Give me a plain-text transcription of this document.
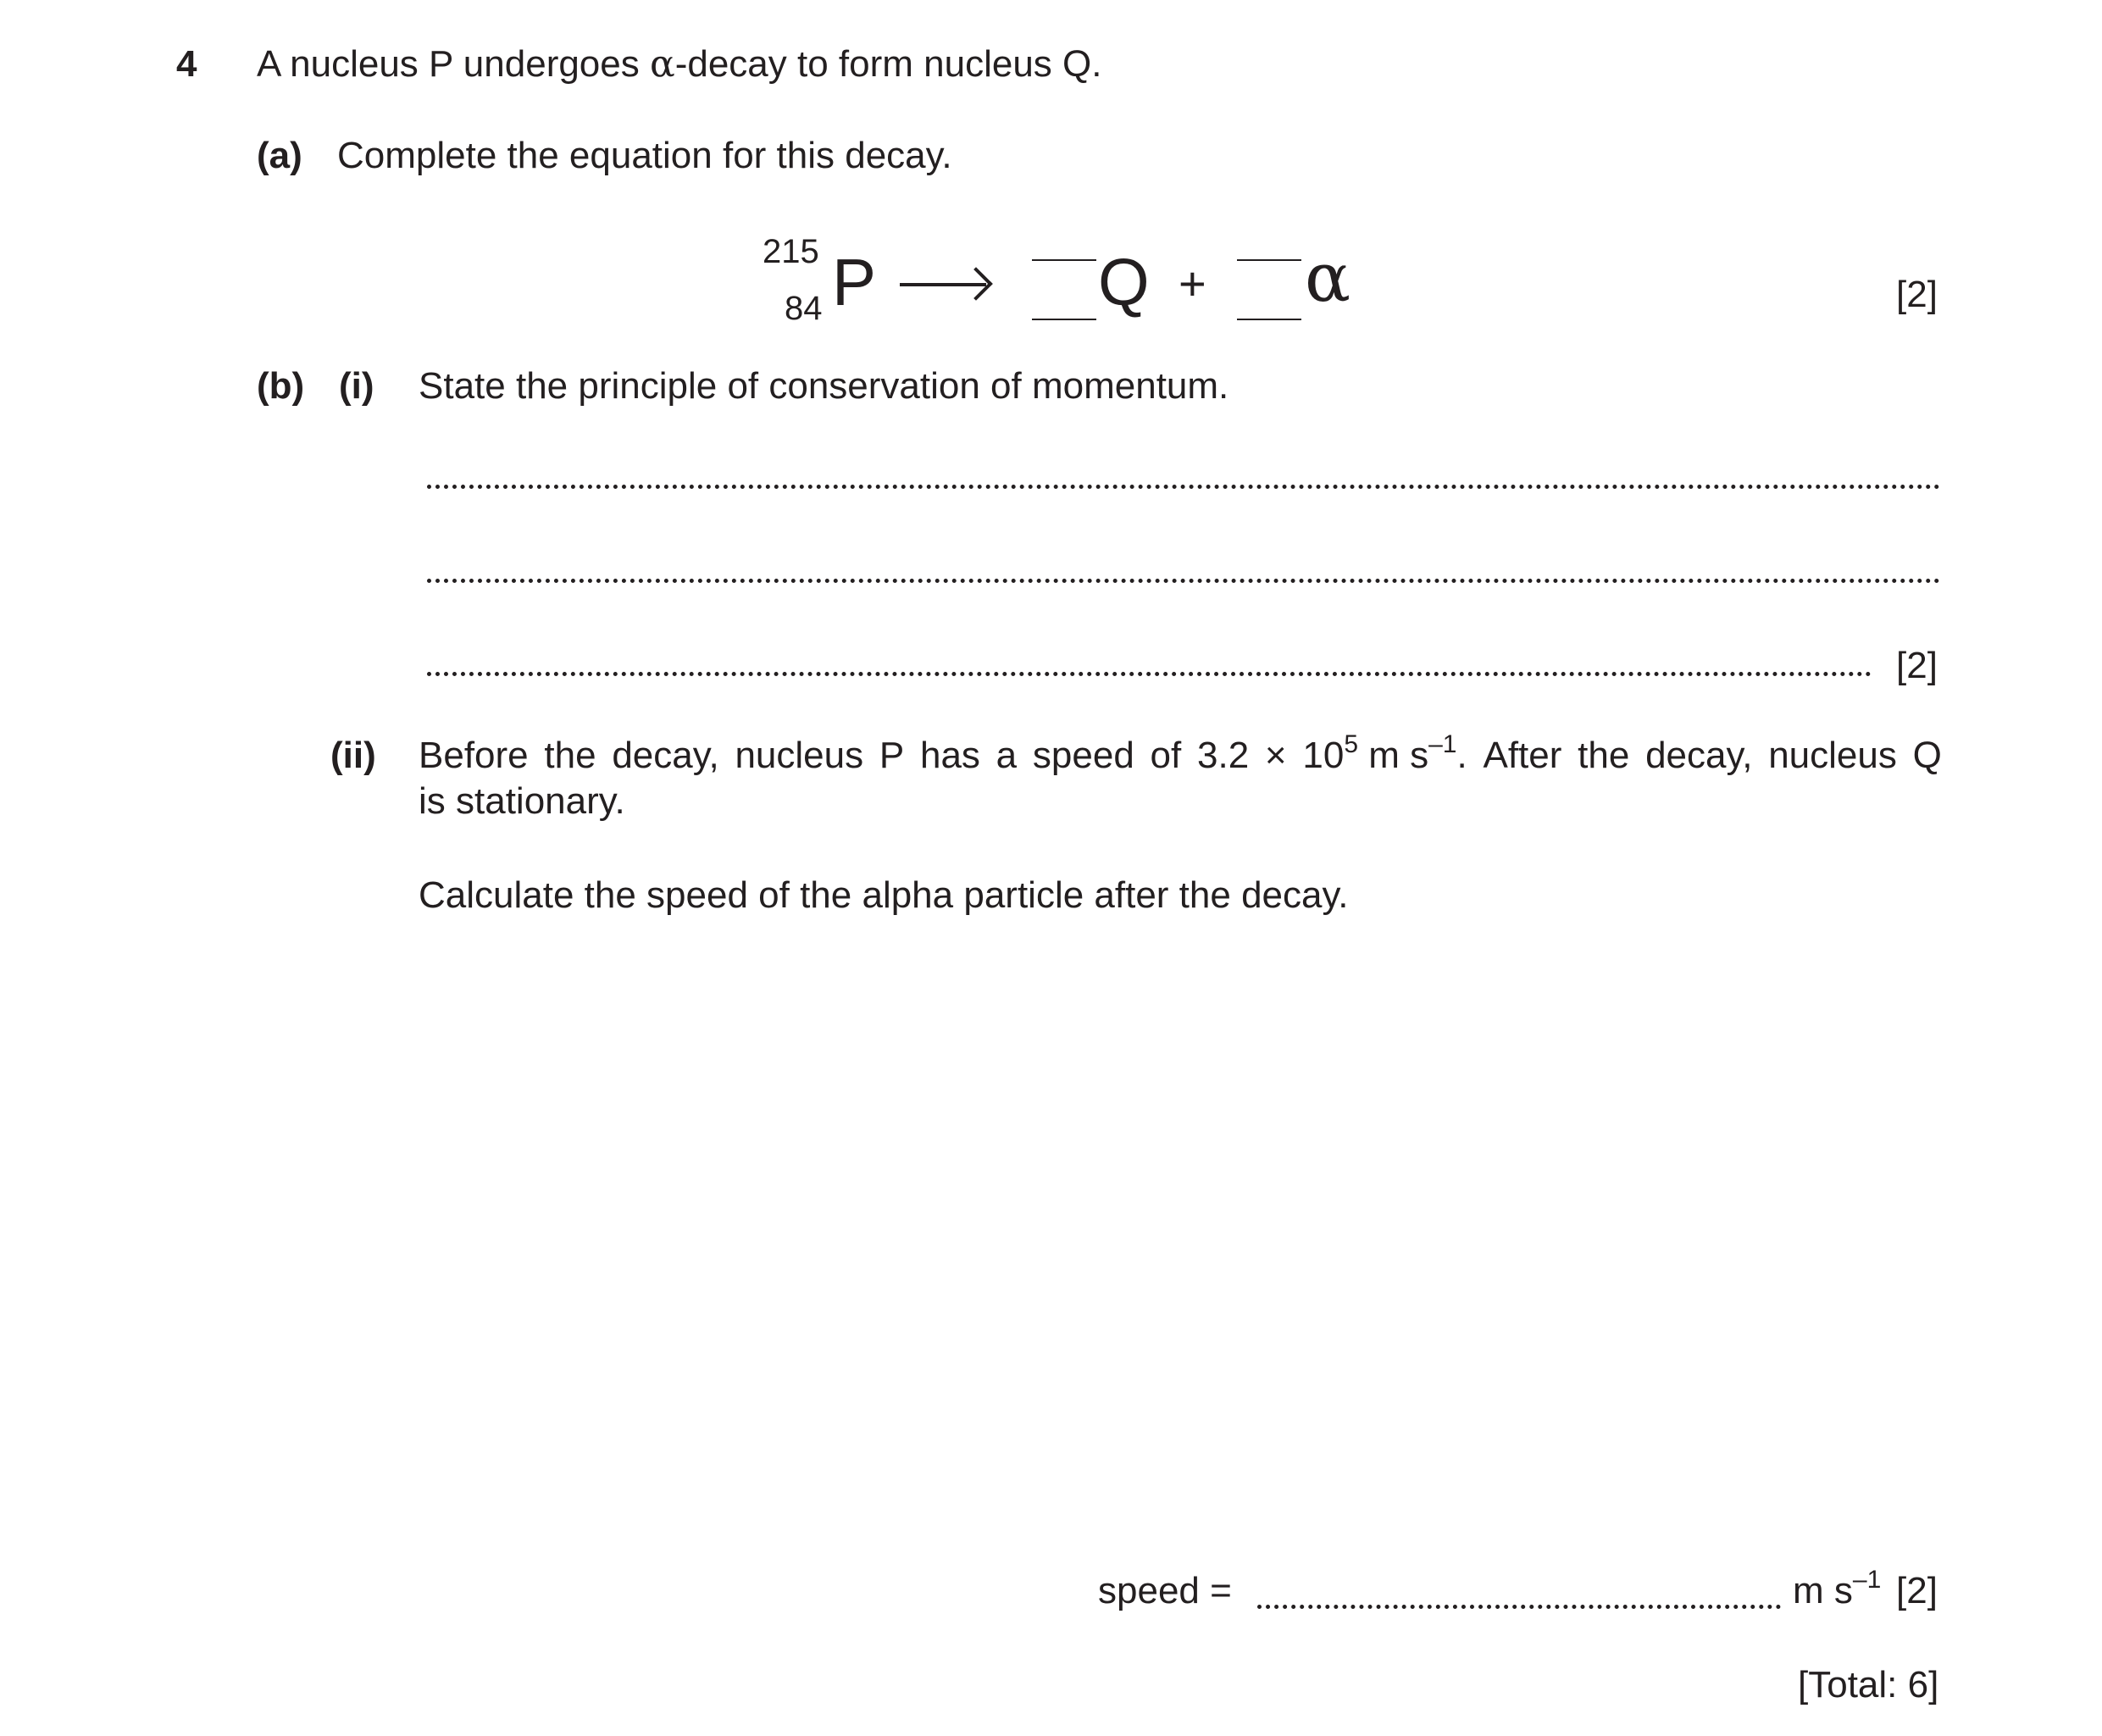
4 A nucleus P undergoes α-decay to form nucleus Q.
(a) Complete the equation for this decay.
215
84 P	Q + α	[2]
(b) (i) State the principle of conservation of momentum.
[2]
(ii) Before the decay, nucleus P has a speed of $3.2 \times 10^5$ m $s^{-1}$. After the decay, nucleus Q
is stationary.
Calculate the speed of the alpha particle after the decay.
speed =	m $s^{-1}$ [2]
[Total: 6]
